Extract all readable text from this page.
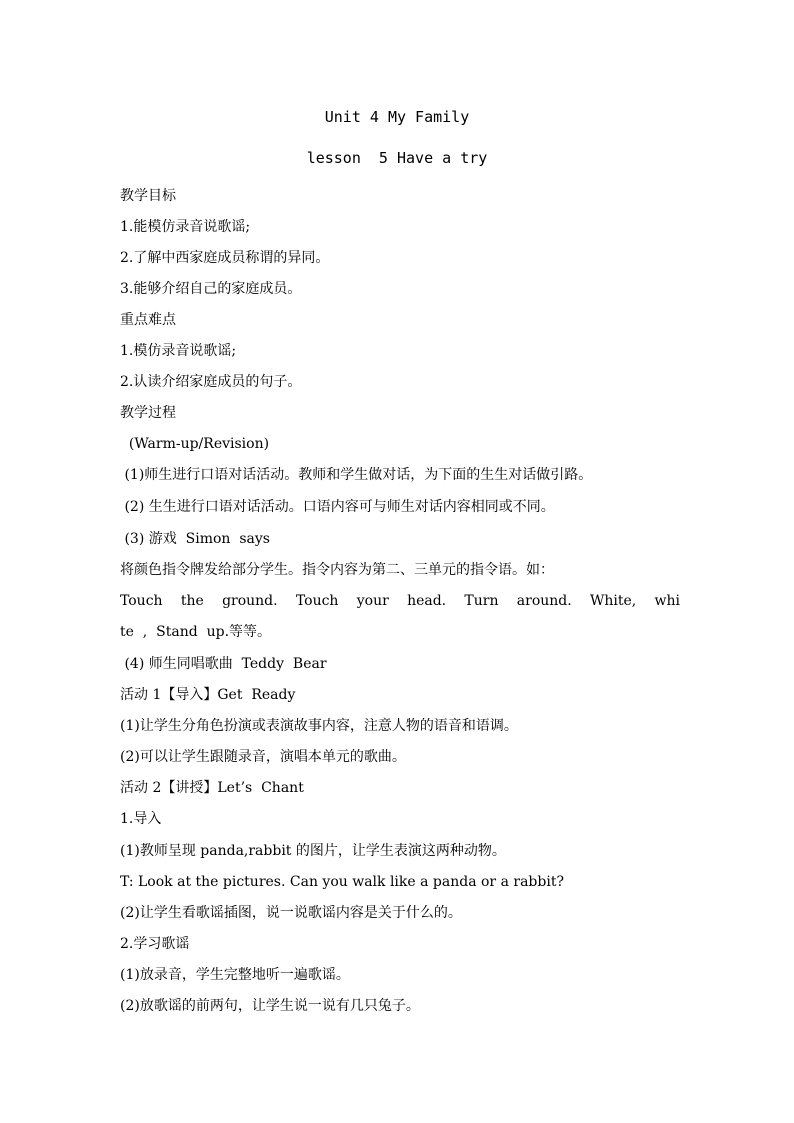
Unit 4 My Family
lesson  5 Have a try
教学目标
1.能模仿录音说歌谣;
2.了解中西家庭成员称谓的异同。
3.能够介绍自己的家庭成员。
重点难点
1.模仿录音说歌谣;
2.认读介绍家庭成员的句子。
教学过程
(Warm-up/Revision)
(1)师生进行口语对话活动。教师和学生做对话，为下面的生生对话做引路。
(2) 生生进行口语对话活动。口语内容可与师生对话内容相同或不同。
(3) 游戏  Simon  says
将颜色指令牌发给部分学生。指令内容为第二、三单元的指令语。如：
Touch the ground. Touch your head. Turn around. White, whi
te  ,  Stand  up.等等。
(4) 师生同唱歌曲  Teddy  Bear
活动 1【导入】Get  Ready
(1)让学生分角色扮演或表演故事内容，注意人物的语音和语调。
(2)可以让学生跟随录音，演唱本单元的歌曲。
活动 2【讲授】Let’s  Chant
1.导入
(1)教师呈现 panda,rabbit 的图片，让学生表演这两种动物。
T: Look at the pictures. Can you walk like a panda or a rabbit?
(2)让学生看歌谣插图，说一说歌谣内容是关于什么的。
2.学习歌谣
(1)放录音，学生完整地听一遍歌谣。
(2)放歌谣的前两句，让学生说一说有几只兔子。
